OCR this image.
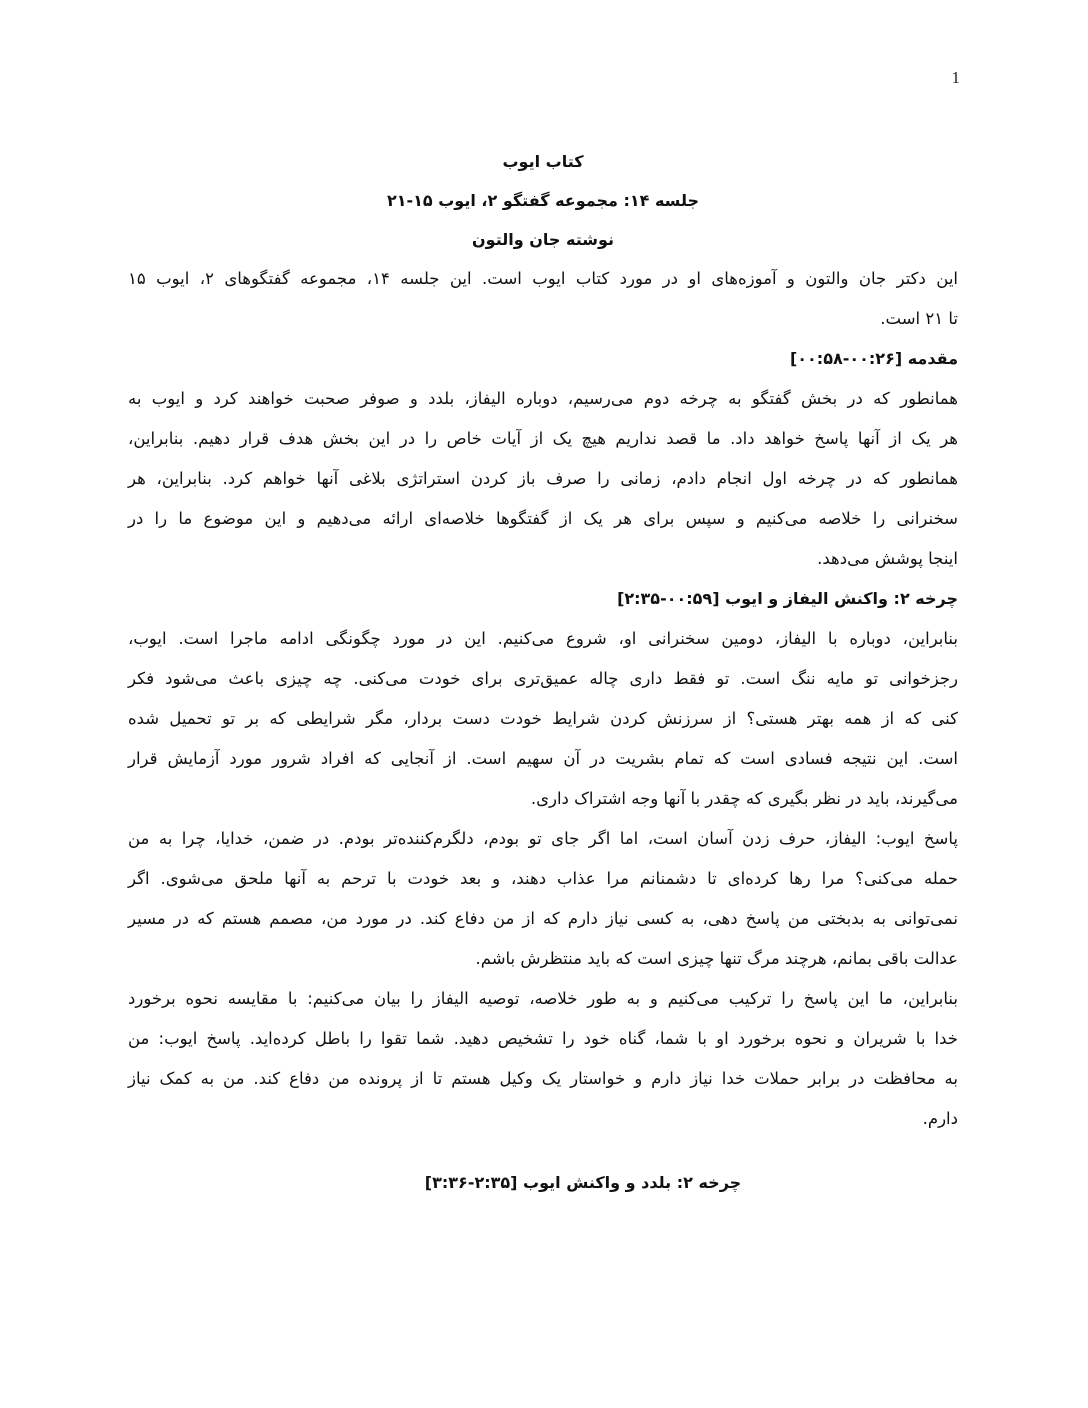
1
کتاب ایوب
جلسه ۱۴: مجموعه گفتگو ۲، ایوب ۱۵-۲۱
نوشته جان والتون
این دکتر جان والتون و آموزه‌های او در مورد کتاب ایوب است. این جلسه ۱۴، مجموعه گفتگوهای ۲، ایوب ۱۵
تا ۲۱ است.
مقدمه [۰۰:۲۶-۰۰:۵۸]
همانطور که در بخش گفتگو به چرخه دوم می‌رسیم، دوباره الیفاز، بلدد و صوفر صحبت خواهند کرد و ایوب به
هر یک از آنها پاسخ خواهد داد. ما قصد نداریم هیچ یک از آیات خاص را در این بخش هدف قرار دهیم. بنابراین،
همانطور که در چرخه اول انجام دادم، زمانی را صرف باز کردن استراتژی بلاغی آنها خواهم کرد. بنابراین، هر
سخنرانی را خلاصه می‌کنیم و سپس برای هر یک از گفتگوها خلاصه‌ای ارائه می‌دهیم و این موضوع ما را در
اینجا پوشش می‌دهد.
چرخه ۲: واکنش الیفاز و ایوب [۰۰:۵۹-۲:۳۵]
بنابراین، دوباره با الیفاز، دومین سخنرانی او، شروع می‌کنیم. این در مورد چگونگی ادامه ماجرا است. ایوب،
رجزخوانی تو مایه ننگ است. تو فقط داری چاله عمیق‌تری برای خودت می‌کنی. چه چیزی باعث می‌شود فکر
کنی که از همه بهتر هستی؟ از سرزنش کردن شرایط خودت دست بردار، مگر شرایطی که بر تو تحمیل شده
است. این نتیجه فسادی است که تمام بشریت در آن سهیم است. از آنجایی که افراد شرور مورد آزمایش قرار
می‌گیرند، باید در نظر بگیری که چقدر با آنها وجه اشتراک داری.
پاسخ ایوب: الیفاز، حرف زدن آسان است، اما اگر جای تو بودم، دلگرم‌کننده‌تر بودم. در ضمن، خدایا، چرا به من
حمله می‌کنی؟ مرا رها کرده‌ای تا دشمنانم مرا عذاب دهند، و بعد خودت با ترحم به آنها ملحق می‌شوی. اگر
نمی‌توانی به بدبختی من پاسخ دهی، به کسی نیاز دارم که از من دفاع کند. در مورد من، مصمم هستم که در مسیر
عدالت باقی بمانم، هرچند مرگ تنها چیزی است که باید منتظرش باشم.
بنابراین، ما این پاسخ را ترکیب می‌کنیم و به طور خلاصه، توصیه الیفاز را بیان می‌کنیم: با مقایسه نحوه برخورد
خدا با شریران و نحوه برخورد او با شما، گناه خود را تشخیص دهید. شما تقوا را باطل کرده‌اید. پاسخ ایوب: من
به محافظت در برابر حملات خدا نیاز دارم و خواستار یک وکیل هستم تا از پرونده من دفاع کند. من به کمک نیاز
دارم.
چرخه ۲: بلدد و واکنش ایوب [۲:۳۵-۳:۳۶]
